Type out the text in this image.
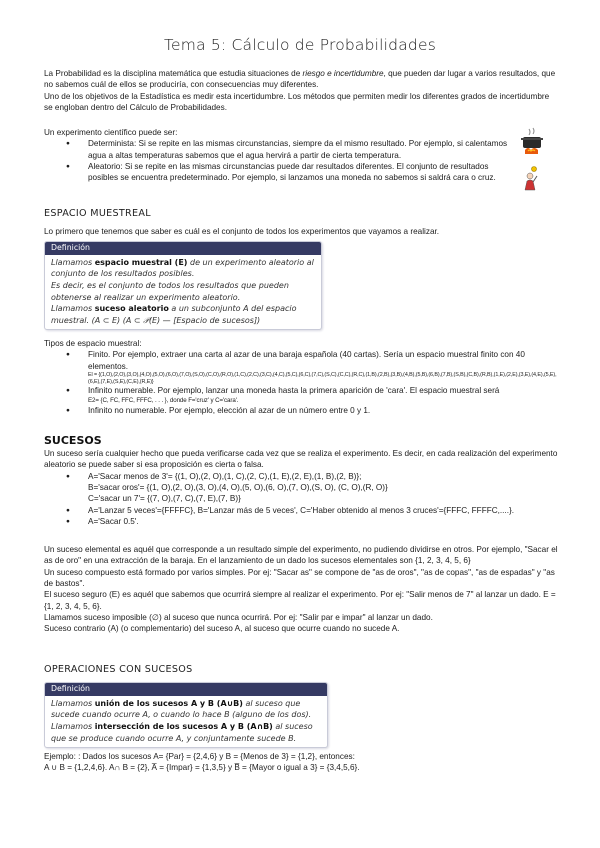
Tema 5: Cálculo de Probabilidades

La Probabilidad es la disciplina matemática que estudia situaciones de riesgo e incertidumbre, que pueden dar lugar a varios resultados, que no sabemos cuál de ellos se produciría, con consecuencias muy diferentes.

Uno de los objetivos de la Estadística es medir esta incertidumbre. Los métodos que permiten medir los diferentes grados de incertidumbre se engloban dentro del Cálculo de Probabilidades.

Un experimento científico puede ser:

● Determinista: Si se repite en las mismas circunstancias, siempre da el mismo resultado. Por ejemplo, si calentamos agua a altas temperaturas sabemos que el agua hervirá a partir de cierta temperatura.
● Aleatorio: Si se repite en las mismas circunstancias puede dar resultados diferentes. El conjunto de resultados posibles se encuentra predeterminado. Por ejemplo, si lanzamos una moneda no sabemos si saldrá cara o cruz.
ESPACIO MUESTREAL
Lo primero que tenemos que saber es cuál es el conjunto de todos los experimentos que vayamos a realizar.
Definición
Llamamos espacio muestral (E) de un experimento aleatorio al
conjunto de los resultados posibles.
Es decir, es el conjunto de todos los resultados que pueden
obtenerse al realizar un experimento aleatorio.
Llamamos suceso aleatorio a un subconjunto A del espacio
muestral. (A ⊂ E) (A ⊂ 𝒫(E) — [Espacio de sucesos])

Tipos de espacio muestral:

● Finito. Por ejemplo, extraer una carta al azar de una baraja española (40 cartas). Sería un espacio muestral finito con 40 elementos.
El = {(1,O),(2,O),(3,O),(4,O),(5,O),(6,O),(7,O),(S,O),(C,O),(R,O),(1,C),(2,C),(3,C),(4,C),(5,C),(6,C),(7,C),(S,C),(C,C),(R,C),(1,B),(2,B),(3,B),(4,B),(5,B),(6,B),(7,B),(S,B),(C,B),(R,B),(1,E),(2,E),(3,E),(4,E),(5,E),(6,E),(7,E),(S,E),(C,E),(R,E)}
● Infinito numerable. Por ejemplo, lanzar una moneda hasta la primera aparición de 'cara'. El espacio muestral será
E2= {C, FC, FFC, FFFC, . . . }, donde F='cruz' y C='cara'.
● Infinito no numerable. Por ejemplo, elección al azar de un número entre 0 y 1.
SUCESOS

Un suceso sería cualquier hecho que pueda verificarse cada vez que se realiza el experimento. Es decir, en cada realización del experimento aleatorio se puede saber si esa proposición es cierta o falsa.

● A='Sacar menos de 3'= {(1, O),(2, O),(1, C),(2, C),(1, E),(2, E),(1, B),(2, B)};
B='sacar oros'= {(1, O),(2, O),(3, O),(4, O),(5, O),(6, O),(7, O),(S, O), (C, O),(R, O)}
C='sacar un 7'= {(7, O),(7, C),(7, E),(7, B)}
● A='Lanzar 5 veces'={FFFFC}, B='Lanzar más de 5 veces', C='Haber obtenido al menos 3 cruces'={FFFC, FFFFC,....}.
● A='Sacar 0.5'.

Un suceso elemental es aquél que corresponde a un resultado simple del experimento, no pudiendo dividirse en otros. Por ejemplo, "Sacar el as de oro" en una extracción de la baraja. En el lanzamiento de un dado los sucesos elementales son {1, 2, 3, 4, 5, 6}

Un suceso compuesto está formado por varios simples. Por ej: "Sacar as" se compone de "as de oros", "as de copas", "as de espadas" y "as de bastos".

El suceso seguro (E) es aquél que sabemos que ocurrirá siempre al realizar el experimento. Por ej: "Salir menos de 7" al lanzar un dado. E = {1, 2, 3, 4, 5, 6}.

Llamamos suceso imposible (∅) al suceso que nunca ocurrirá. Por ej: "Salir par e impar" al lanzar un dado.

Suceso contrario (A) (o complementario) del suceso A, al suceso que ocurre cuando no sucede A.

OPERACIONES CON SUCESOS
Definición
Llamamos unión de los sucesos A y B (A∪B) al suceso que
sucede cuando ocurre A, o cuando lo hace B (alguno de los dos).
Llamamos intersección de los sucesos A y B (A∩B) al suceso
que se produce cuando ocurre A, y conjuntamente sucede B.

Ejemplo: : Dados los sucesos A= {Par} = {2,4,6} y B = {Menos de 3} = {1,2}, entonces:

A ∪ B = {1,2,4,6}. A∩ B = {2}, A̅ = {Impar} = {1,3,5} y B̅ = {Mayor o igual a 3} = {3,4,5,6}.
